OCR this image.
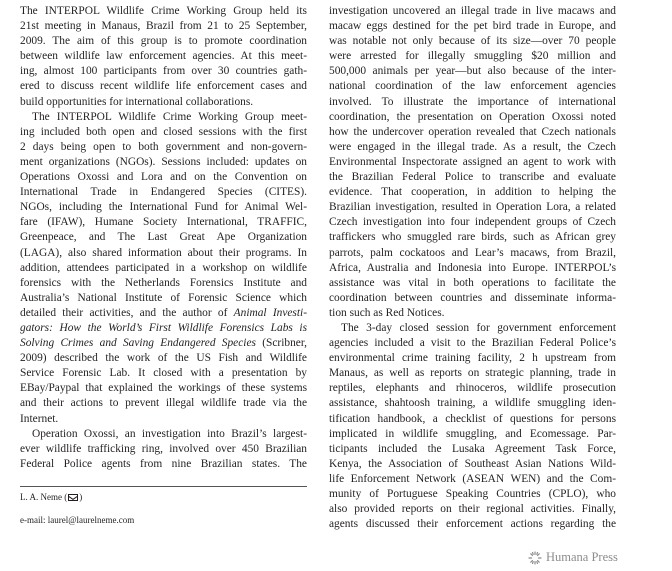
The INTERPOL Wildlife Crime Working Group held its
21st meeting in Manaus, Brazil from 21 to 25 September,
2009. The aim of this group is to promote coordination
between wildlife law enforcement agencies. At this meet-
ing, almost 100 participants from over 30 countries gath-
ered to discuss recent wildlife life enforcement cases and
build opportunities for international collaborations.
The INTERPOL Wildlife Crime Working Group meet-
ing included both open and closed sessions with the first
2 days being open to both government and non-govern-
ment organizations (NGOs). Sessions included: updates on
Operations Oxossi and Lora and on the Convention on
International Trade in Endangered Species (CITES).
NGOs, including the International Fund for Animal Wel-
fare (IFAW), Humane Society International, TRAFFIC,
Greenpeace, and The Last Great Ape Organization
(LAGA), also shared information about their programs. In
addition, attendees participated in a workshop on wildlife
forensics with the Netherlands Forensics Institute and
Australia’s National Institute of Forensic Science which
detailed their activities, and the author of Animal Investi-
gators: How the World’s First Wildlife Forensics Labs is
Solving Crimes and Saving Endangered Species (Scribner,
2009) described the work of the US Fish and Wildlife
Service Forensic Lab. It closed with a presentation by
EBay/Paypal that explained the workings of these systems
and their actions to prevent illegal wildlife trade via the
Internet.
Operation Oxossi, an investigation into Brazil’s largest-
ever wildlife trafficking ring, involved over 450 Brazilian
Federal Police agents from nine Brazilian states. The
L. A. Neme ( )
e-mail: laurel@laurelneme.com
investigation uncovered an illegal trade in live macaws and
macaw eggs destined for the pet bird trade in Europe, and
was notable not only because of its size—over 70 people
were arrested for illegally smuggling $20 million and
500,000 animals per year—but also because of the inter-
national coordination of the law enforcement agencies
involved. To illustrate the importance of international
coordination, the presentation on Operation Oxossi noted
how the undercover operation revealed that Czech nationals
were engaged in the illegal trade. As a result, the Czech
Environmental Inspectorate assigned an agent to work with
the Brazilian Federal Police to transcribe and evaluate
evidence. That cooperation, in addition to helping the
Brazilian investigation, resulted in Operation Lora, a related
Czech investigation into four independent groups of Czech
traffickers who smuggled rare birds, such as African grey
parrots, palm cockatoos and Lear’s macaws, from Brazil,
Africa, Australia and Indonesia into Europe. INTERPOL’s
assistance was vital in both operations to facilitate the
coordination between countries and disseminate informa-
tion such as Red Notices.
The 3-day closed session for government enforcement
agencies included a visit to the Brazilian Federal Police’s
environmental crime training facility, 2 h upstream from
Manaus, as well as reports on strategic planning, trade in
reptiles, elephants and rhinoceros, wildlife prosecution
assistance, shahtoosh training, a wildlife smuggling iden-
tification handbook, a checklist of questions for persons
implicated in wildlife smuggling, and Ecomessage. Par-
ticipants included the Lusaka Agreement Task Force,
Kenya, the Association of Southeast Asian Nations Wild-
life Enforcement Network (ASEAN WEN) and the Com-
munity of Portuguese Speaking Countries (CPLO), who
also provided reports on their regional activities. Finally,
agents discussed their enforcement actions regarding the
Humana Press
